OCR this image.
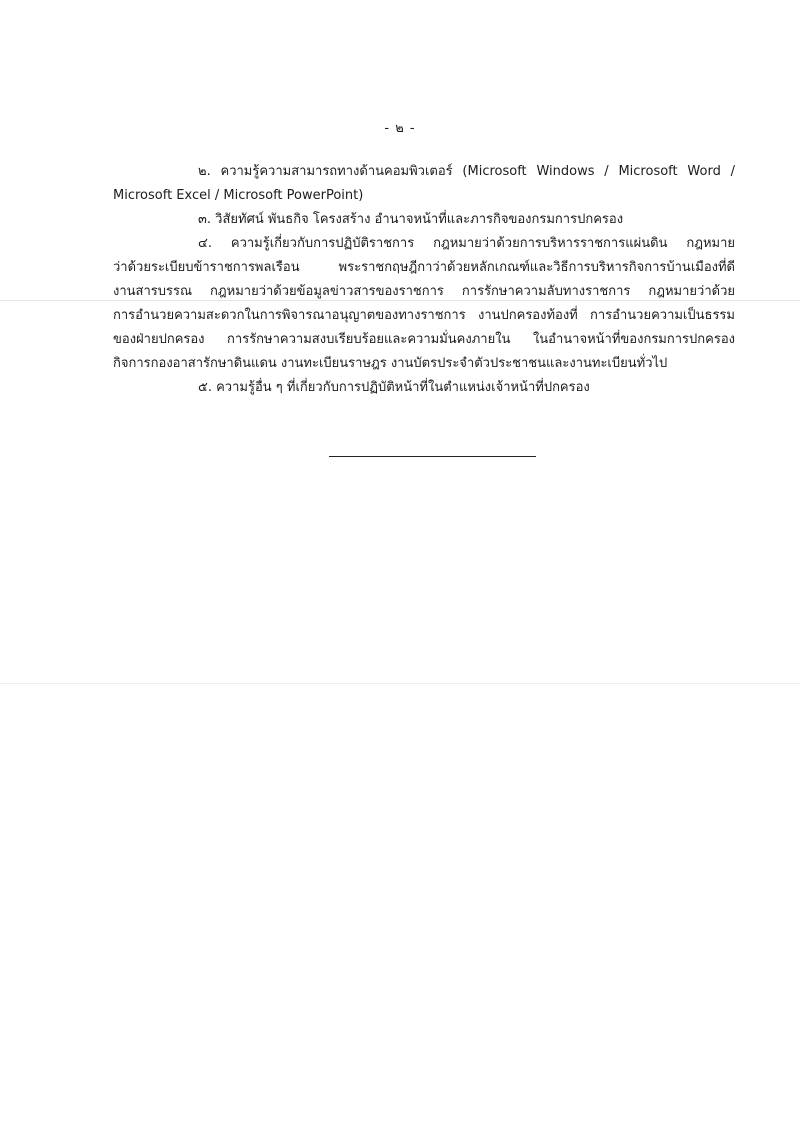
- ๒ -
๒. ความรู้ความสามารถทางด้านคอมพิวเตอร์ (Microsoft Windows / Microsoft Word /
Microsoft Excel / Microsoft PowerPoint)
๓. วิสัยทัศน์ พันธกิจ โครงสร้าง อำนาจหน้าที่และภารกิจของกรมการปกครอง
๔. ความรู้เกี่ยวกับการปฏิบัติราชการ กฎหมายว่าด้วยการบริหารราชการแผ่นดิน กฎหมาย
ว่าด้วยระเบียบข้าราชการพลเรือน พระราชกฤษฎีกาว่าด้วยหลักเกณฑ์และวิธีการบริหารกิจการบ้านเมืองที่ดี
งานสารบรรณ กฎหมายว่าด้วยข้อมูลข่าวสารของราชการ การรักษาความลับทางราชการ กฎหมายว่าด้วย
การอำนวยความสะดวกในการพิจารณาอนุญาตของทางราชการ งานปกครองท้องที่ การอำนวยความเป็นธรรม
ของฝ่ายปกครอง การรักษาความสงบเรียบร้อยและความมั่นคงภายใน ในอำนาจหน้าที่ของกรมการปกครอง
กิจการกองอาสารักษาดินแดน งานทะเบียนราษฎร งานบัตรประจำตัวประชาชนและงานทะเบียนทั่วไป
๕. ความรู้อื่น ๆ ที่เกี่ยวกับการปฏิบัติหน้าที่ในตำแหน่งเจ้าหน้าที่ปกครอง
